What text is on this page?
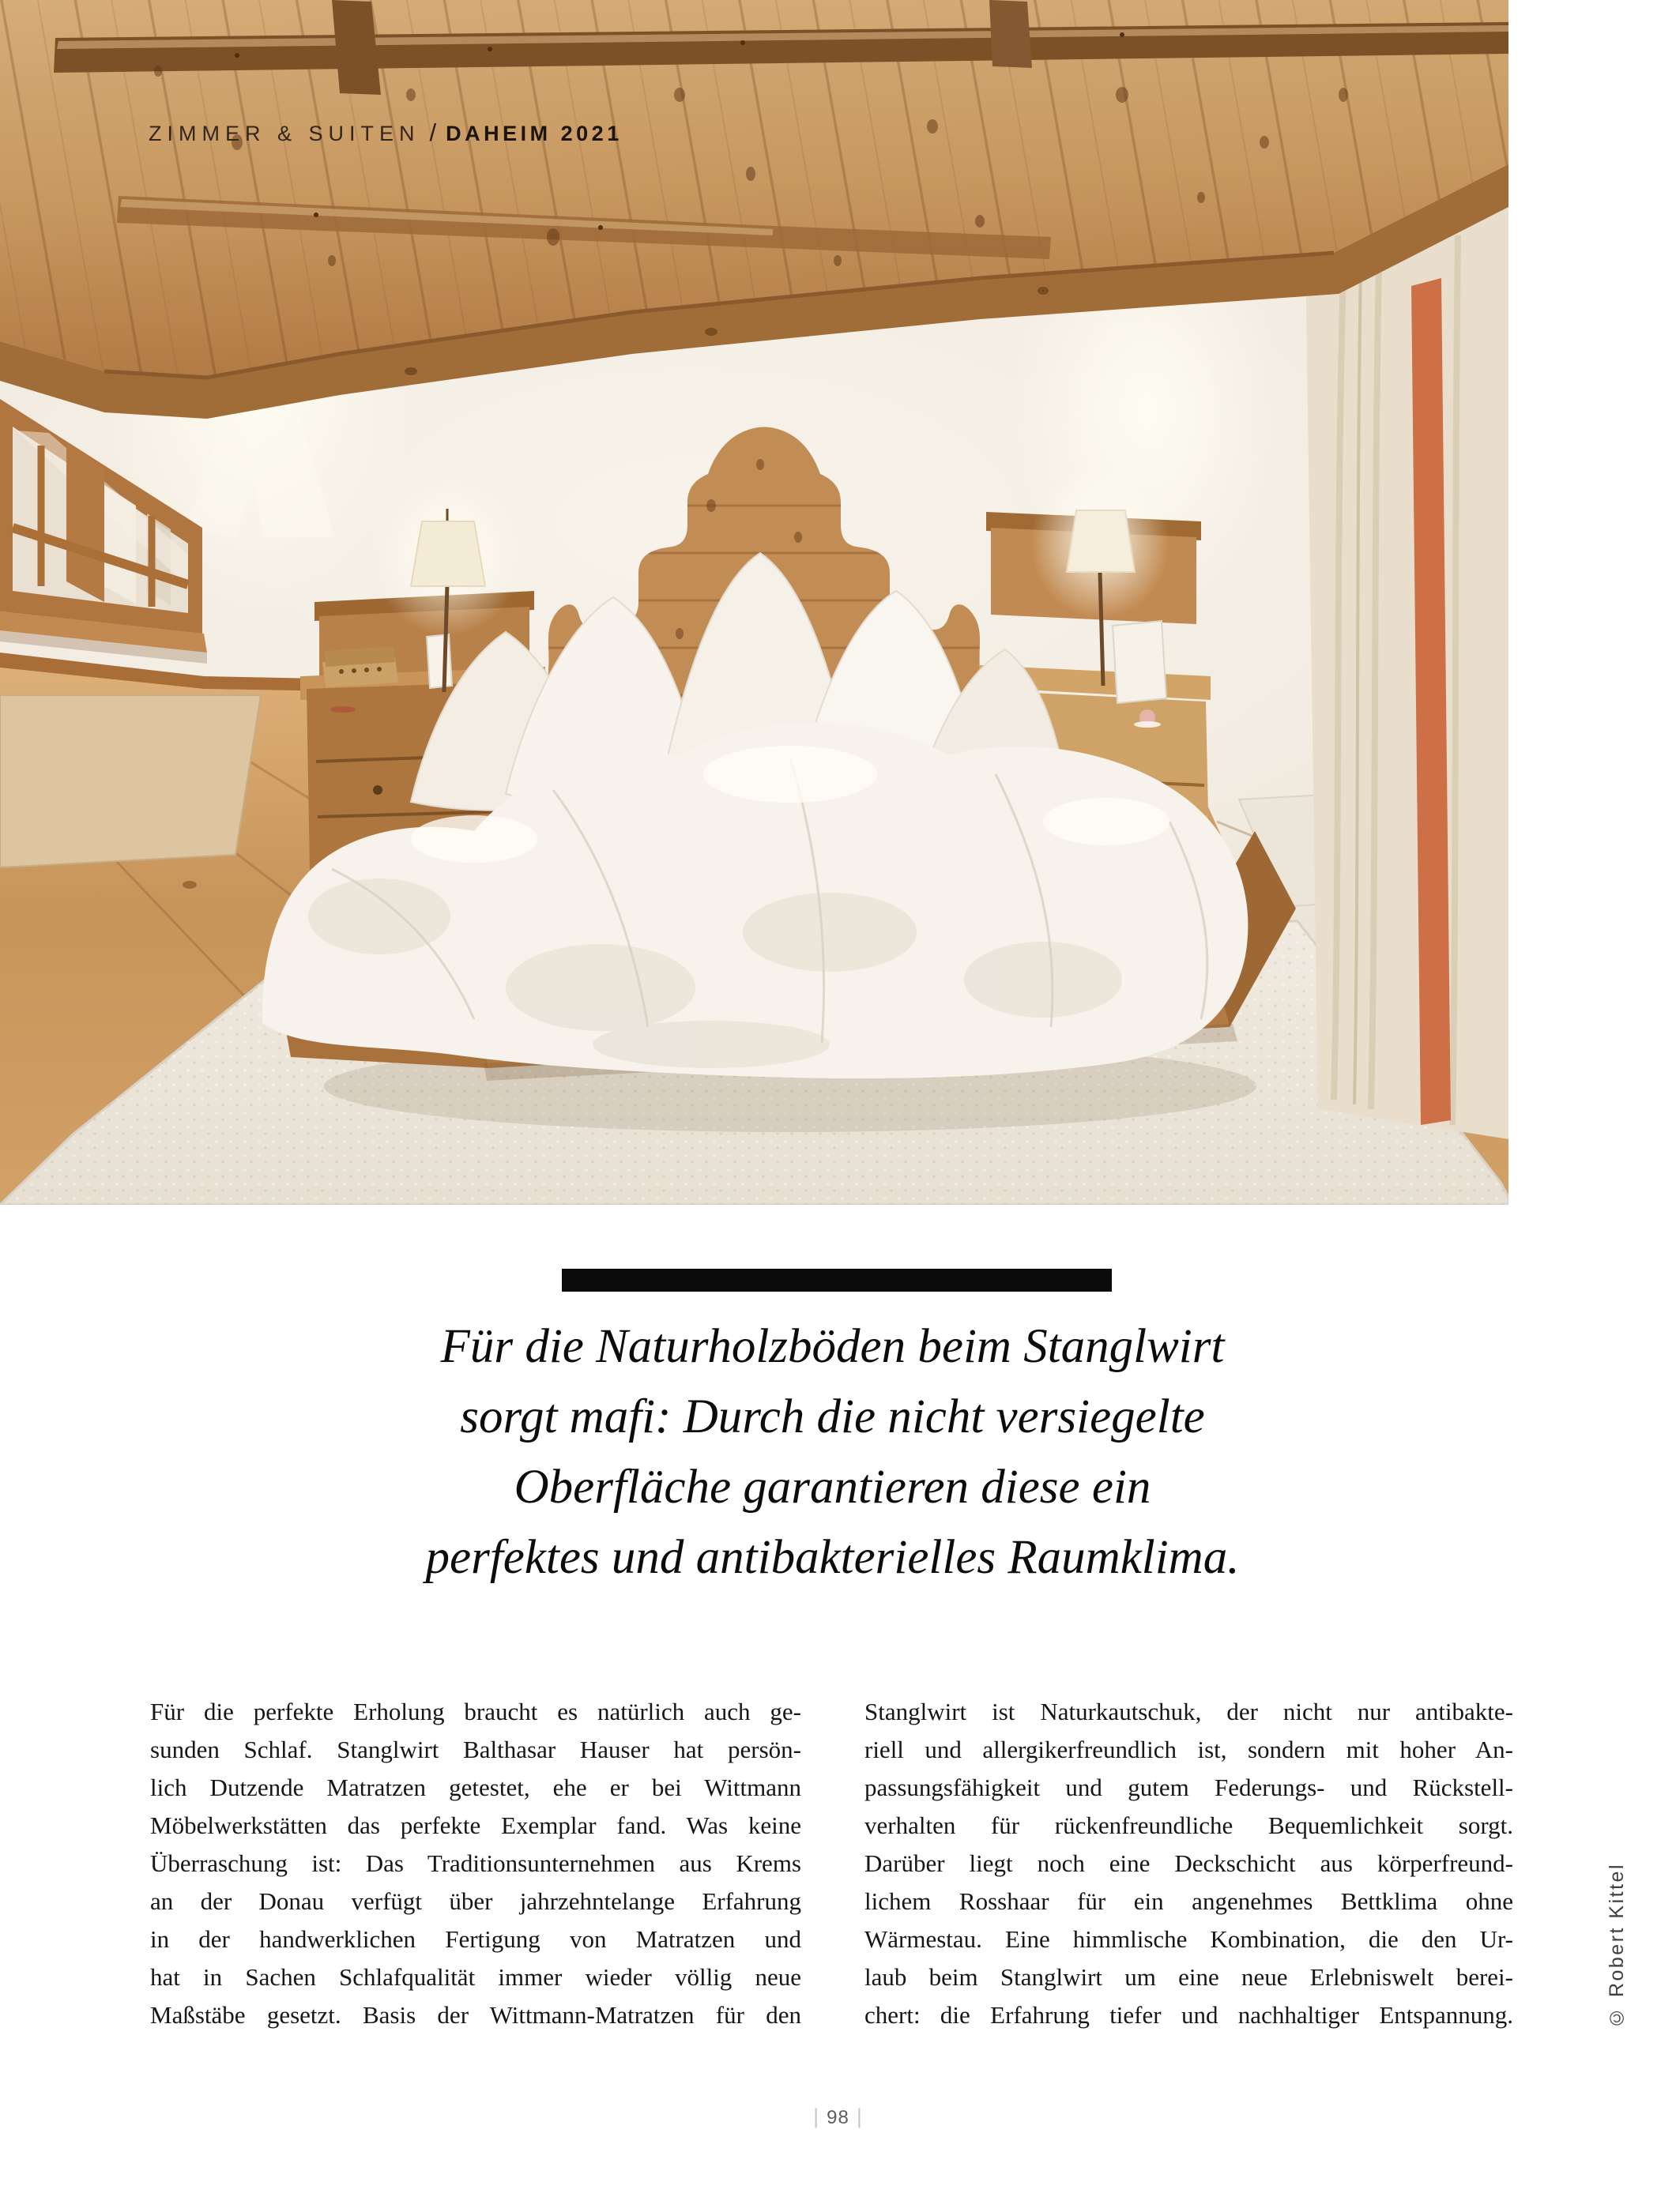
ZIMMER & SUITEN / DAHEIM 2021
Für die Naturholzböden beim Stanglwirt
sorgt mafi: Durch die nicht versiegelte
Oberfläche garantieren diese ein
perfektes und antibakterielles Raumklima.
Für die perfekte Erholung braucht es natürlich auch ge-
sunden Schlaf. Stanglwirt Balthasar Hauser hat persön-
lich Dutzende Matratzen getestet, ehe er bei Wittmann
Möbelwerkstätten das perfekte Exemplar fand. Was keine
Überraschung ist: Das Traditionsunternehmen aus Krems
an der Donau verfügt über jahrzehntelange Erfahrung
in der handwerklichen Fertigung von Matratzen und
hat in Sachen Schlafqualität immer wieder völlig neue
Maßstäbe gesetzt. Basis der Wittmann-Matratzen für den
Stanglwirt ist Naturkautschuk, der nicht nur antibakte-
riell und allergikerfreundlich ist, sondern mit hoher An-
passungsfähigkeit und gutem Federungs- und Rückstell-
verhalten für rückenfreundliche Bequemlichkeit sorgt.
Darüber liegt noch eine Deckschicht aus körperfreund-
lichem Rosshaar für ein angenehmes Bettklima ohne
Wärmestau. Eine himmlische Kombination, die den Ur-
laub beim Stanglwirt um eine neue Erlebniswelt berei-
chert: die Erfahrung tiefer und nachhaltiger Entspannung.	© Robert Kittel
| 98 |
